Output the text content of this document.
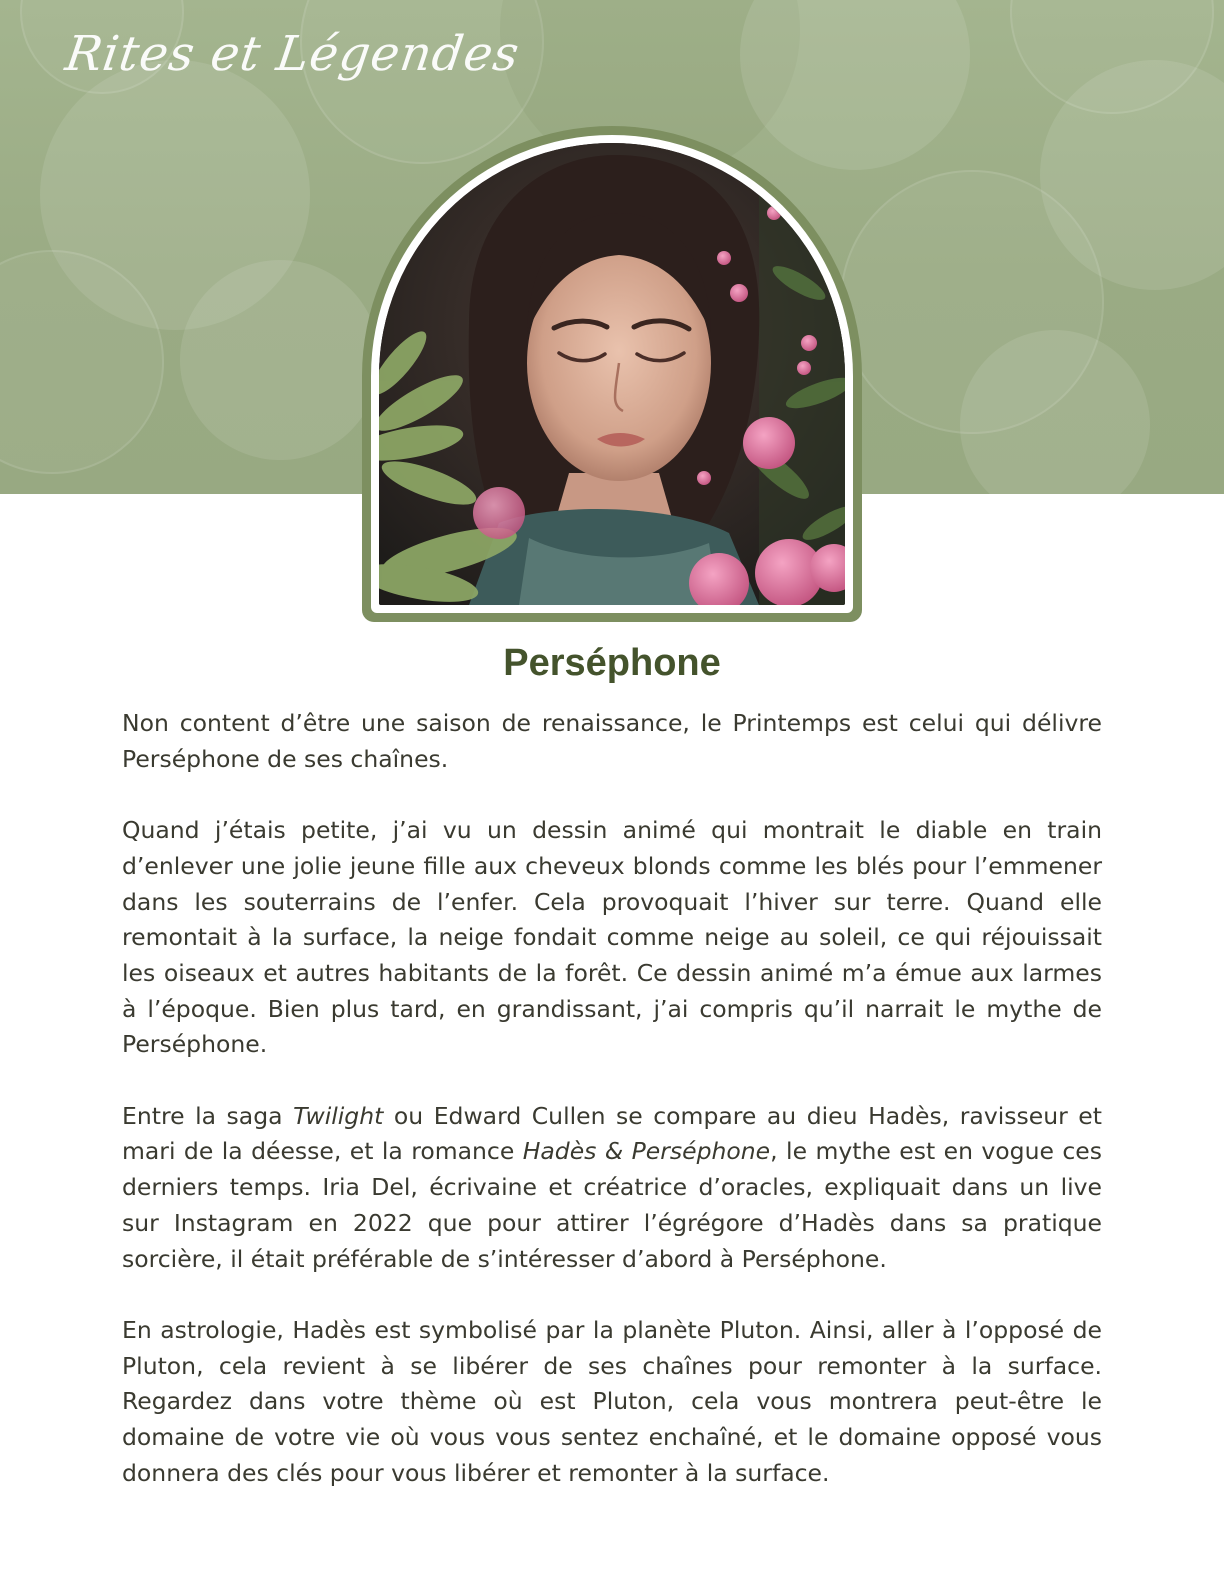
Rites et Légendes
Perséphone

Non content d’être une saison de renaissance, le Printemps est celui qui délivre Perséphone de ses chaînes.

Quand j’étais petite, j’ai vu un dessin animé qui montrait le diable en train d’enlever une jolie jeune fille aux cheveux blonds comme les blés pour l’emmener dans les souterrains de l’enfer. Cela provoquait l’hiver sur terre. Quand elle remontait à la surface, la neige fondait comme neige au soleil, ce qui réjouissait les oiseaux et autres habitants de la forêt. Ce dessin animé m’a émue aux larmes à l’époque. Bien plus tard, en grandissant, j’ai compris qu’il narrait le mythe de Perséphone.

Entre la saga Twilight ou Edward Cullen se compare au dieu Hadès, ravisseur et mari de la déesse, et la romance Hadès & Perséphone, le mythe est en vogue ces derniers temps. Iria Del, écrivaine et créatrice d’oracles, expliquait dans un live sur Instagram en 2022 que pour attirer l’égrégore d’Hadès dans sa pratique sorcière, il était préférable de s’intéresser d’abord à Perséphone.

En astrologie, Hadès est symbolisé par la planète Pluton. Ainsi, aller à l’opposé de Pluton, cela revient à se libérer de ses chaînes pour remonter à la surface. Regardez dans votre thème où est Pluton, cela vous montrera peut-être le domaine de votre vie où vous vous sentez enchaîné, et le domaine opposé vous donnera des clés pour vous libérer et remonter à la surface.
